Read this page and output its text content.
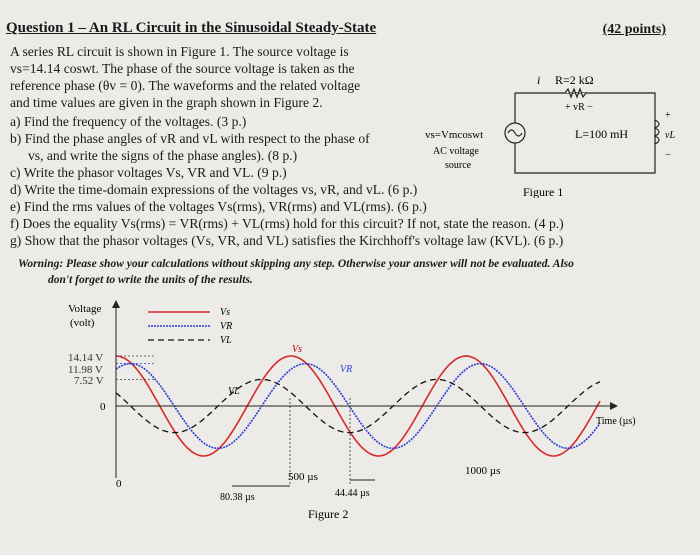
Question 1 – An RL Circuit in the Sinusoidal Steady-State	(42 points)
A series RL circuit is shown in Figure 1. The source voltage is
vs=14.14 coswt. The phase of the source voltage is taken as the
reference phase (θv = 0). The waveforms and the related voltage
and time values are given in the graph shown in Figure 2.
a) Find the frequency of the voltages. (3 p.)
b) Find the phase angles of vR and vL with respect to the phase of
vs, and write the signs of the phase angles). (8 p.)
c) Write the phasor voltages Vs, VR and VL. (9 p.)
d) Write the time-domain expressions of the voltages vs, vR, and vL. (6 p.)
e) Find the rms values of the voltages Vs(rms), VR(rms) and VL(rms). (6 p.)
f) Does the equality Vs(rms) = VR(rms) + VL(rms) hold for this circuit? If not, state the reason. (4 p.)
g) Show that the phasor voltages (Vs, VR, and VL) satisfies the Kirchhoff's voltage law (KVL). (6 p.)
Worning: Please show your calculations without skipping any step. Otherwise your answer will not be evaluated. Also
don't forget to write the units of the results.
i R=2 kΩ
+ vR −
L=100 mH
+
vL
−
vs=Vmcoswt
AC voltage
source
Figure 1
Voltage
(volt)
Vs
VR
VL
14.14 V
11.98 V
7.52 V
0
0
Time (µs)
500 µs	1000 µs
80.38 µs	44.44 µs
Vs
VR
VL
Figure 2
